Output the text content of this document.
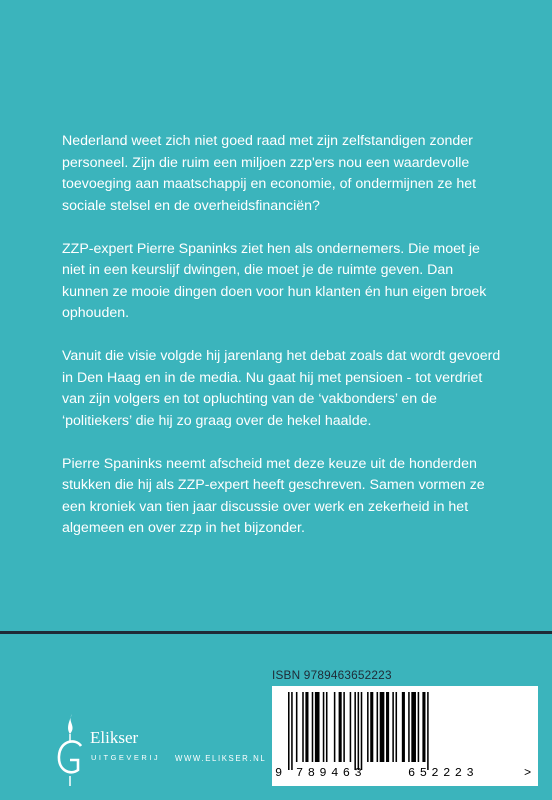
Nederland weet zich niet goed raad met zijn zelfstandigen zonder personeel. Zijn die ruim een miljoen zzp'ers nou een waardevolle toevoeging aan maatschappij en economie, of ondermijnen ze het sociale stelsel en de overheidsfinanciën?

ZZP-expert Pierre Spaninks ziet hen als ondernemers. Die moet je niet in een keurslijf dwingen, die moet je de ruimte geven. Dan kunnen ze mooie dingen doen voor hun klanten én hun eigen broek ophouden.

Vanuit die visie volgde hij jarenlang het debat zoals dat wordt gevoerd in Den Haag en in de media. Nu gaat hij met pensioen - tot verdriet van zijn volgers en tot opluchting van de ‘vakbonders’ en de ‘politiekers’ die hij zo graag over de hekel haalde.

Pierre Spaninks neemt afscheid met deze keuze uit de honderden stukken die hij als ZZP-expert heeft geschreven. Samen vormen ze een kroniek van tien jaar discussie over werk en zekerheid in het algemeen en over zzp in het bijzonder.

Elikser
UITGEVERIJ WWW.ELIKSER.NL
ISBN 9789463652223
9 789463	652223	>
